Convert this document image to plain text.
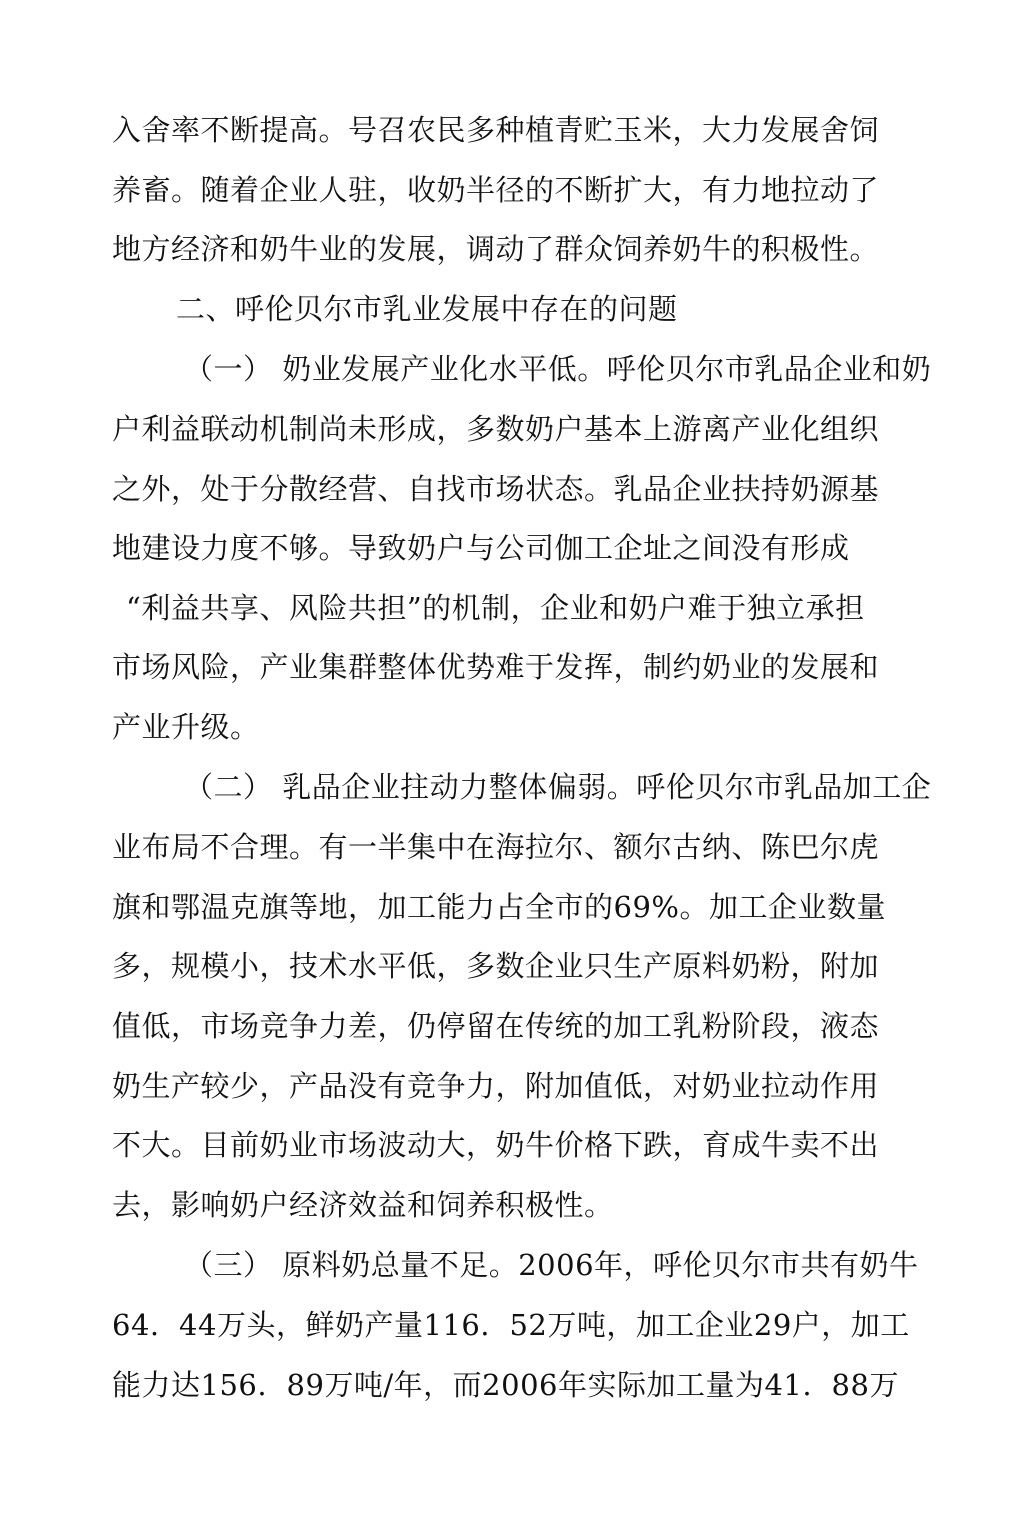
入舍率不断提高。号召农民多种植青贮玉米，大力发展舍饲
养畜。随着企业人驻，收奶半径的不断扩大，有力地拉动了
地方经济和奶牛业的发展，调动了群众饲养奶牛的积极性。
二、呼伦贝尔市乳业发展中存在的问题
（一） 奶业发展产业化水平低。呼伦贝尔市乳品企业和奶
户利益联动机制尚未形成，多数奶户基本上游离产业化组织
之外，处于分散经营、自找市场状态。乳品企业扶持奶源基
地建设力度不够。导致奶户与公司伽工企址之间没有形成
“利益共享、风险共担”的机制，企业和奶户难于独立承担
市场风险，产业集群整体优势难于发挥，制约奶业的发展和
产业升级。
（二） 乳品企业拄动力整体偏弱。呼伦贝尔市乳品加工企
业布局不合理。有一半集中在海拉尔、额尔古纳、陈巴尔虎
旗和鄂温克旗等地，加工能力占全市的69%。加工企业数量
多，规模小，技术水平低，多数企业只生产原料奶粉，附加
值低，市场竞争力差，仍停留在传统的加工乳粉阶段，液态
奶生产较少，产品没有竞争力，附加值低，对奶业拉动作用
不大。目前奶业市场波动大，奶牛价格下跌，育成牛卖不出
去，影响奶户经济效益和饲养积极性。
（三） 原料奶总量不足。2006年，呼伦贝尔市共有奶牛
64.  44万头，鲜奶产量116.  52万吨，加工企业29户，加工
能力达156.  89万吨/年，而2006年实际加工量为41.  88万
